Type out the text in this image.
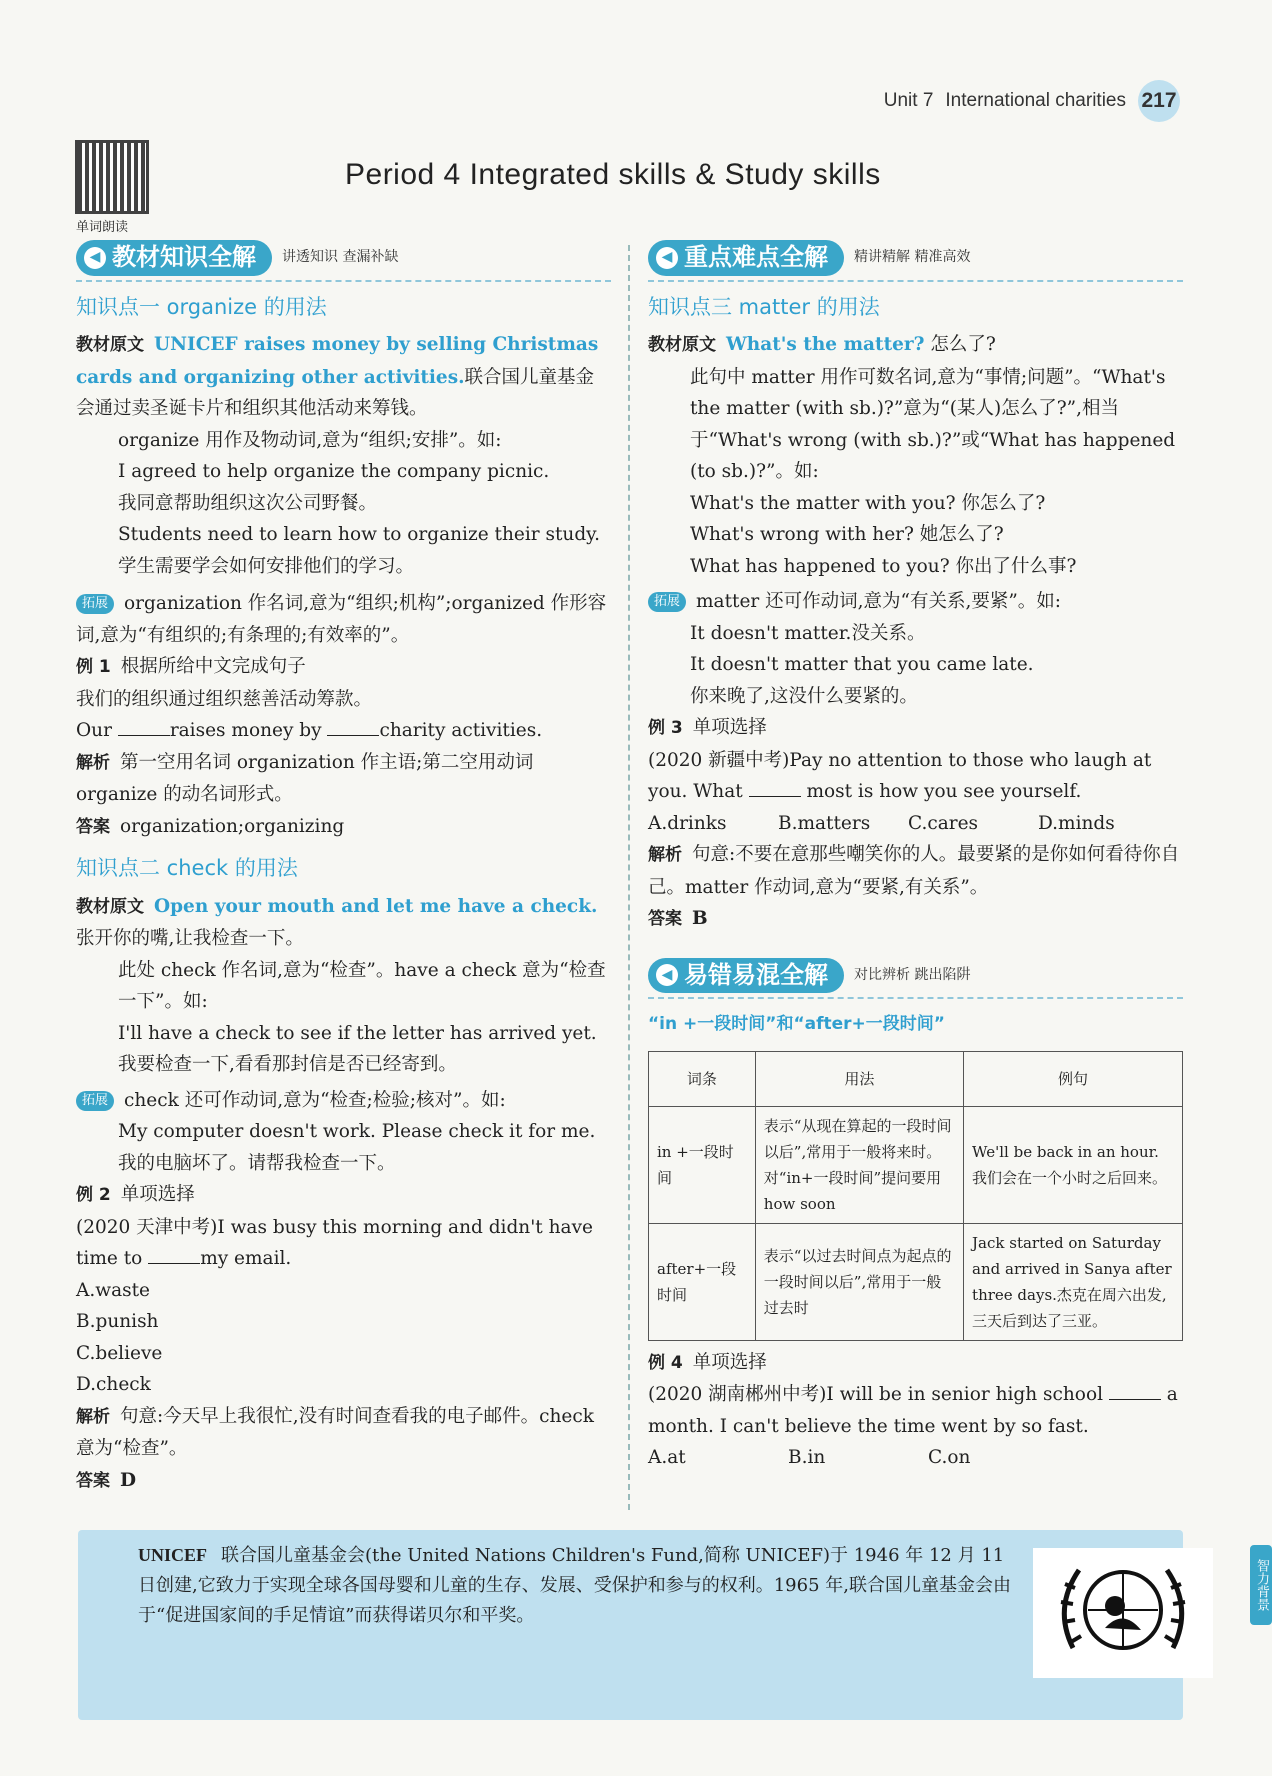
Unit 7 International charities 217
单词朗读
Period 4 Integrated skills & Study skills
◀ 教材知识全解 讲透知识 查漏补缺
知识点一 organize 的用法

教材原文 UNICEF raises money by selling Christmas cards and organizing other activities.联合国儿童基金会通过卖圣诞卡片和组织其他活动来筹钱。

organize 用作及物动词,意为“组织;安排”。如:

I agreed to help organize the company picnic.

我同意帮助组织这次公司野餐。

Students need to learn how to organize their study.

学生需要学会如何安排他们的学习。

拓展 organization 作名词,意为“组织;机构”;organized 作形容词,意为“有组织的;有条理的;有效率的”。

例 1 根据所给中文完成句子

我们的组织通过组织慈善活动筹款。

Our	raises money by	charity activities.

解析 第一空用名词 organization 作主语;第二空用动词 organize 的动名词形式。

答案 organization;organizing

知识点二 check 的用法

教材原文 Open your mouth and let me have a check.张开你的嘴,让我检查一下。

此处 check 作名词,意为“检查”。have a check 意为“检查一下”。如:

I'll have a check to see if the letter has arrived yet.

我要检查一下,看看那封信是否已经寄到。

拓展 check 还可作动词,意为“检查;检验;核对”。如:

My computer doesn't work. Please check it for me.我的电脑坏了。请帮我检查一下。

例 2 单项选择

(2020 天津中考)I was busy this morning and didn't have time to	my email.

A.waste

B.punish

C.believe

D.check

解析 句意:今天早上我很忙,没有时间查看我的电子邮件。check 意为“检查”。

答案 D

◀ 重点难点全解 精讲精解 精准高效
知识点三 matter 的用法

教材原文 What's the matter? 怎么了?

此句中 matter 用作可数名词,意为“事情;问题”。“What's the matter (with sb.)?”意为“(某人)怎么了?”,相当于“What's wrong (with sb.)?”或“What has happened (to sb.)?”。如:

What's the matter with you? 你怎么了?

What's wrong with her? 她怎么了?

What has happened to you? 你出了什么事?

拓展 matter 还可作动词,意为“有关系,要紧”。如:

It doesn't matter.没关系。

It doesn't matter that you came late.

你来晚了,这没什么要紧的。

例 3 单项选择

(2020 新疆中考)Pay no attention to those who laugh at you. What	most is how you see yourself.

A.drinks	B.matters	C.cares	D.minds

解析 句意:不要在意那些嘲笑你的人。最要紧的是你如何看待你自己。matter 作动词,意为“要紧,有关系”。

答案 B

◀ 易错易混全解 对比辨析 跳出陷阱
“in +一段时间”和“after+一段时间”
词条	用法	例句
in +一段时间	表示“从现在算起的一段时间以后”,常用于一般将来时。对“in+一段时间”提问要用 how soon	We'll be back in an hour. 我们会在一个小时之后回来。
after+一段时间	表示“以过去时间点为起点的一段时间以后”,常用于一般过去时	Jack started on Saturday and arrived in Sanya after three days.杰克在周六出发,三天后到达了三亚。

例 4 单项选择

(2020 湖南郴州中考)I will be in senior high school	a month. I can't believe the time went by so fast.

A.at	B.in	C.on

UNICEF 联合国儿童基金会(the United Nations Children's Fund,简称 UNICEF)于 1946 年 12 月 11 日创建,它致力于实现全球各国母婴和儿童的生存、发展、受保护和参与的权利。1965 年,联合国儿童基金会由于“促进国家间的手足情谊”而获得诺贝尔和平奖。
智力背景
